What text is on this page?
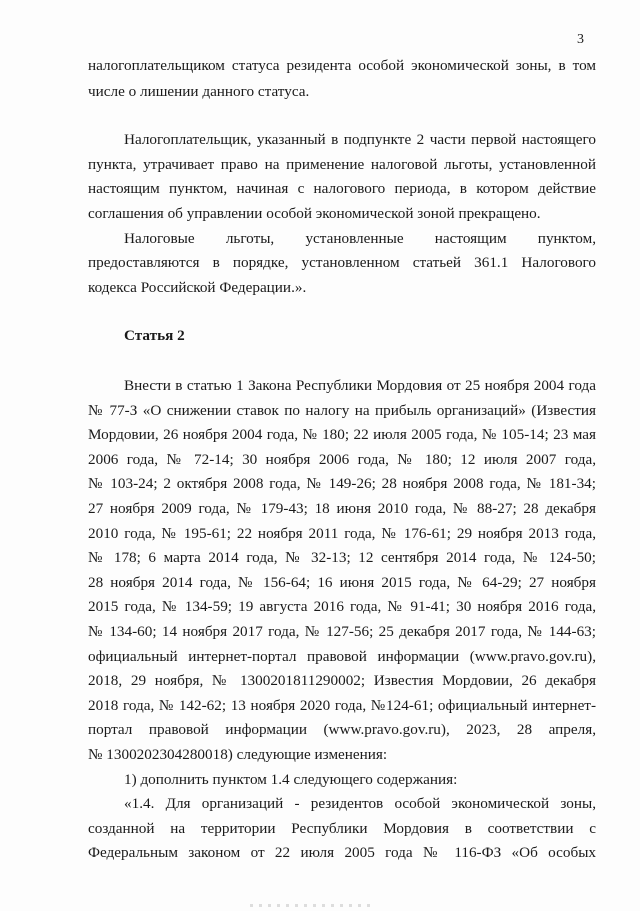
3
налогоплательщиком статуса резидента особой экономической зоны, в том
числе о лишении данного статуса.
Налогоплательщик, указанный в подпункте 2 части первой настоящего
пункта, утрачивает право на применение налоговой льготы, установленной
настоящим пунктом, начиная с налогового периода, в котором действие
соглашения об управлении особой экономической зоной прекращено.
Налоговые льготы, установленные настоящим пунктом,
предоставляются в порядке, установленном статьей 361.1 Налогового
кодекса Российской Федерации.».
Статья 2
Внести в статью 1 Закона Республики Мордовия от 25 ноября 2004 года
№ 77-З «О снижении ставок по налогу на прибыль организаций» (Известия
Мордовии, 26 ноября 2004 года, № 180; 22 июля 2005 года, № 105-14; 23 мая
2006 года, № 72-14; 30 ноября 2006 года, № 180; 12 июля 2007 года,
№ 103-24; 2 октября 2008 года, № 149-26; 28 ноября 2008 года, № 181-34;
27 ноября 2009 года, № 179-43; 18 июня 2010 года, № 88-27; 28 декабря
2010 года, № 195-61; 22 ноября 2011 года, № 176-61; 29 ноября 2013 года,
№ 178; 6 марта 2014 года, № 32-13; 12 сентября 2014 года, № 124-50;
28 ноября 2014 года, № 156-64; 16 июня 2015 года, № 64-29; 27 ноября
2015 года, № 134-59; 19 августа 2016 года, № 91-41; 30 ноября 2016 года,
№ 134-60; 14 ноября 2017 года, № 127-56; 25 декабря 2017 года, № 144-63;
официальный интернет-портал правовой информации (www.pravo.gov.ru),
2018, 29 ноября, № 1300201811290002; Известия Мордовии, 26 декабря
2018 года, № 142-62; 13 ноября 2020 года, №124-61; официальный интернет-
портал правовой информации (www.pravo.gov.ru), 2023, 28 апреля,
№ 1300202304280018) следующие изменения:
1) дополнить пунктом 1.4 следующего содержания:
«1.4. Для организаций - резидентов особой экономической зоны,
созданной на территории Республики Мордовия в соответствии с
Федеральным законом от 22 июля 2005 года № 116-ФЗ «Об особых
